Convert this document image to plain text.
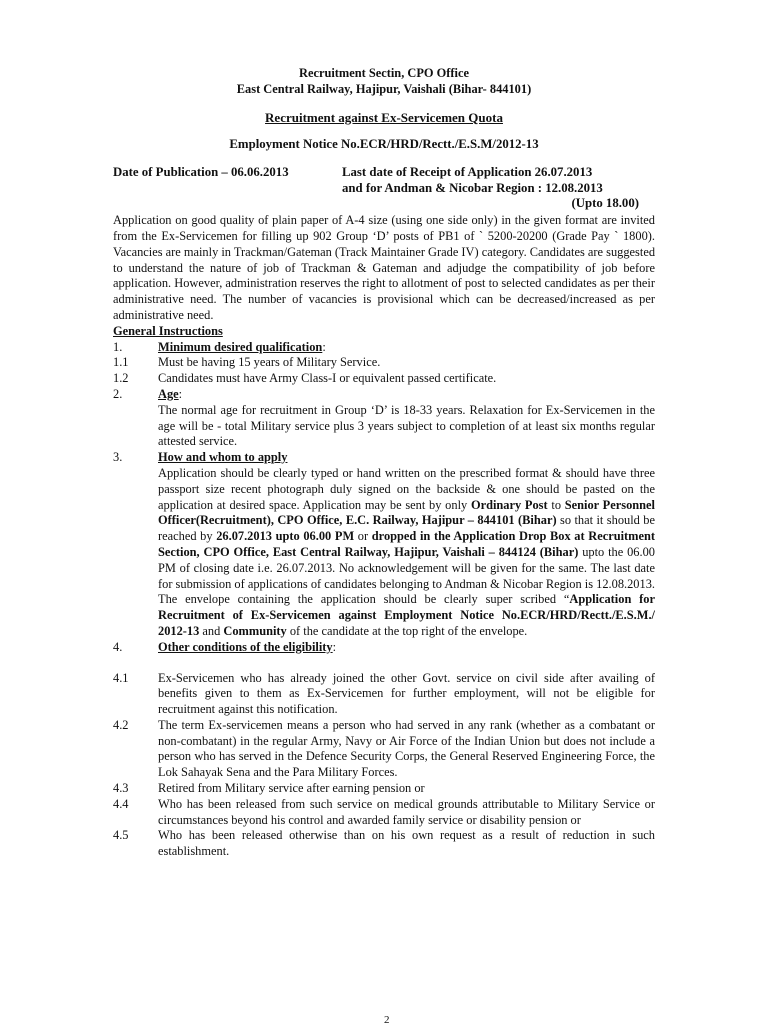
Recruitment Sectin, CPO Office
East Central Railway, Hajipur, Vaishali (Bihar- 844101)
Recruitment against Ex-Servicemen Quota
Employment Notice No.ECR/HRD/Rectt./E.S.M/2012-13
Date of Publication – 06.06.2013	Last date of Receipt of Application 26.07.2013
and for Andman & Nicobar Region : 12.08.2013
(Upto 18.00)
Application on good quality of plain paper of A-4 size (using one side only) in the given format are invited from the Ex-Servicemen for filling up 902 Group ‘D’ posts of PB1 of ` 5200-20200 (Grade Pay ` 1800). Vacancies are mainly in Trackman/Gateman (Track Maintainer Grade IV) category. Candidates are suggested to understand the nature of job of Trackman & Gateman and adjudge the compatibility of job before application. However, administration reserves the right to allotment of post to selected candidates as per their administrative need. The number of vacancies is provisional which can be decreased/increased as per administrative need.
General Instructions
1.	Minimum desired qualification:
1.1	Must be having 15 years of Military Service.
1.2	Candidates must have Army Class-I or equivalent passed certificate.
2.	Age:
The normal age for recruitment in Group ‘D’ is 18-33 years. Relaxation for Ex-Servicemen in the age will be - total Military service plus 3 years subject to completion of at least six months regular attested service.
3.	How and whom to apply
Application should be clearly typed or hand written on the prescribed format & should have three passport size recent photograph duly signed on the backside & one should be pasted on the application at desired space. Application may be sent by only Ordinary Post to Senior Personnel Officer(Recruitment), CPO Office, E.C. Railway, Hajipur – 844101 (Bihar) so that it should be reached by 26.07.2013 upto 06.00 PM or dropped in the Application Drop Box at Recruitment Section, CPO Office, East Central Railway, Hajipur, Vaishali – 844124 (Bihar) upto the 06.00 PM of closing date i.e. 26.07.2013. No acknowledgement will be given for the same. The last date for submission of applications of candidates belonging to Andman & Nicobar Region is 12.08.2013. The envelope containing the application should be clearly super scribed “Application for Recruitment of Ex-Servicemen against Employment Notice No.ECR/HRD/Rectt./E.S.M./ 2012-13 and Community of the candidate at the top right of the envelope.
4.	Other conditions of the eligibility:
4.1	Ex-Servicemen who has already joined the other Govt. service on civil side after availing of benefits given to them as Ex-Servicemen for further employment, will not be eligible for recruitment against this notification.
4.2	The term Ex-servicemen means a person who had served in any rank (whether as a combatant or non-combatant) in the regular Army, Navy or Air Force of the Indian Union but does not include a person who has served in the Defence Security Corps, the General Reserved Engineering Force, the Lok Sahayak Sena and the Para Military Forces.
4.3	Retired from Military service after earning pension or
4.4	Who has been released from such service on medical grounds attributable to Military Service or circumstances beyond his control and awarded family service or disability pension or
4.5	Who has been released otherwise than on his own request as a result of reduction in such establishment.
2
